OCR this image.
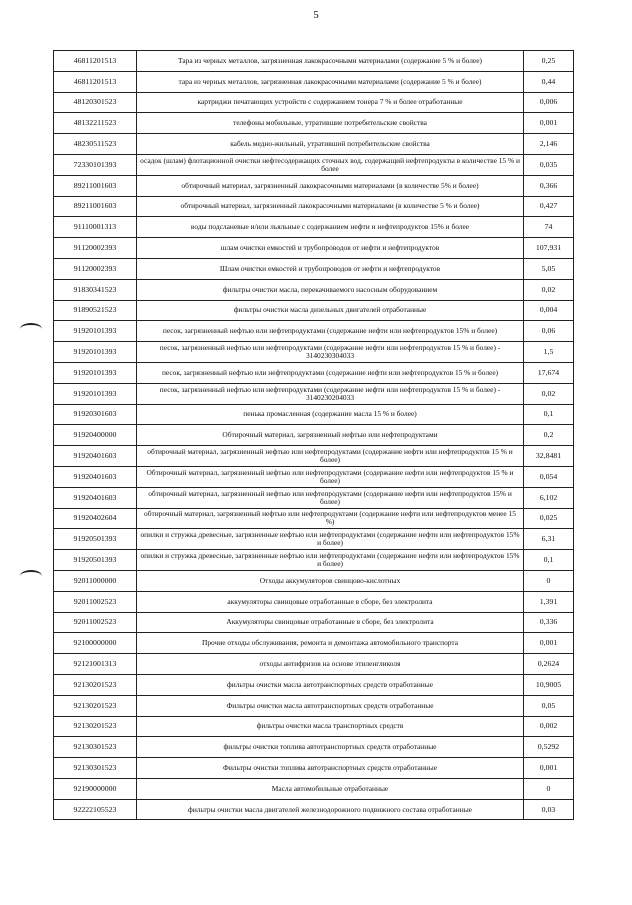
5
46811201513	Тара из черных металлов, загрязненная лакокрасочными материалами (содержание 5 % и более)	0,25
46811201513	тара из черных металлов, загрязненная лакокрасочными материалами (содержание 5 % и более)	0,44
48120301523	картриджи печатающих устройств с содержанием тонера 7 % и более отработанные	0,006
48132211523	телефоны мобильные, утратившие потребительские свойства	0,001
48230511523	кабель медно-жильный, утративший потребительские свойства	2,146
72330101393	осадок (шлам) флотационной очистки нефтесодержащих сточных вод, содержащий нефтепродукты в количестве 15 % и более	0,035
89211001603	обтирочный материал, загрязненный лакокрасочными материалами (в количестве 5% и более)	0,366
89211001603	обтирочный материал, загрязненный лакокрасочными материалами (в количестве 5 % и более)	0,427
91110001313	воды подсланевые и/или льяльные с содержанием нефти и нефтепродуктов 15% и более	74
91120002393	шлам очистки емкостей и трубопроводов от нефти и нефтепродуктов	107,931
91120002393	Шлам очистки емкостей и трубопроводов от нефти и нефтепродуктов	5,05
91830341523	фильтры очистки масла, перекачиваемого насосным оборудованием	0,02
91890521523	фильтры очистки масла дизельных двигателей отработанные	0,004
91920101393	песок, загрязненный нефтью или нефтепродуктами (содержание нефти или нефтепродуктов 15% и более)	0,06
91920101393	песок, загрязненный нефтью или нефтепродуктами (содержание нефти или нефтепродуктов 15 % и более) - 3140230304033	1,5
91920101393	песок, загрязненный нефтью или нефтепродуктами (содержание нефти или нефтепродуктов 15 % и более)	17,674
91920101393	песок, загрязненный нефтью или нефтепродуктами (содержание нефти или нефтепродуктов 15 % и более) - 3140230204033	0,02
91920301603	пенька промасленная (содержание масла 15 % и более)	0,1
91920400000	Обтирочный материал, загрязненный нефтью или нефтепродуктами	0,2
91920401603	обтирочный материал, загрязненный нефтью или нефтепродуктами (содержание нефти или нефтепродуктов 15 % и более)	32,8481
91920401603	Обтирочный материал, загрязненный нефтью или нефтепродуктами (содержание нефти или нефтепродуктов 15 % и более)	0,054
91920401603	обтирочный материал, загрязненный нефтью или нефтепродуктами (содержание нефти или нефтепродуктов 15% и более)	6,102
91920402604	обтирочный материал, загрязненный нефтью или нефтепродуктами (содержание нефти или нефтепродуктов менее 15 %)	0,025
91920501393	опилки и стружка древесные, загрязненные нефтью или нефтепродуктами (содержание нефти или нефтепродуктов 15% и более)	6,31
91920501393	опилки и стружка древесные, загрязненные нефтью или нефтепродуктами (содержание нефти или нефтепродуктов 15% и более)	0,1
92011000000	Отходы аккумуляторов свинцово-кислотных	0
92011002523	аккумуляторы свинцовые отработанные в сборе, без электролита	1,391
92011002523	Аккумуляторы свинцовые отработанные в сборе, без электролита	0,336
92100000000	Прочие отходы обслуживания, ремонта и демонтажа автомобильного транспорта	0,001
92121001313	отходы антифризов на основе этиленгликоля	0,2624
92130201523	фильтры очистки масла автотранспортных средств отработанные	10,9005
92130201523	Фильтры очистки масла автотранспортных средств отработанные	0,05
92130201523	фильтры очистки масла транспортных средств	0,002
92130301523	фильтры очистки топлива автотранспортных средств отработанные	0,5292
92130301523	Фильтры очистки топлива автотранспортных средств отработанные	0,001
92190000000	Масла автомобильные отработанные	0
92222105523	фильтры очистки масла двигателей железнодорожного подвижного состава отработанные	0,03
